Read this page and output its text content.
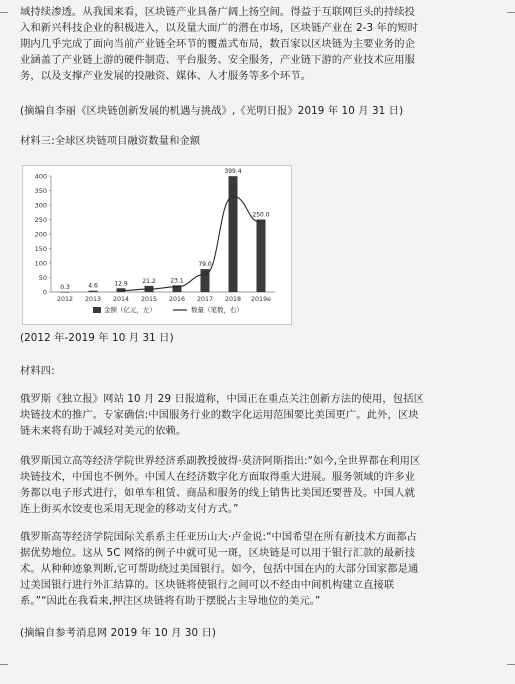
域持续渗透。从我国来看，区块链产业具备广阔上扬空间。得益于互联网巨头的持续投
入和新兴科技企业的积极进入，以及量大面广的潜在市场，区块链产业在 2-3 年的短时
期内几乎完成了面向当前产业链全环节的覆盖式布局，数百家以区块链为主要业务的企
业涵盖了产业链上游的硬件制造、平台服务、安全服务，产业链下游的产业技术应用服
务，以及支撑产业发展的投融资、媒体、人才服务等多个环节。
(摘编自李丽《区块链创新发展的机遇与挑战》,《光明日报》2019 年 10 月 31 日)
材料三:全球区块链项目融资数量和金额
0
50
100
150
200
250
300
350
400
0.3	4.6	12.9 21.2 23.1
79.0
399.4
250.0
2012 2013 2014 2015 2016 2017 2018 2019e
金额（亿元，左）	数量（笔数，右）
(2012 年-2019 年 10 月 31 日)
材料四:
俄罗斯《独立报》网站 10 月 29 日报道称，中国正在重点关注创新方法的使用，包括区
块链技术的推广。专家确信:中国服务行业的数字化运用范围要比美国更广。此外，区块
链未来将有助于减轻对美元的依赖。
俄罗斯国立高等经济学院世界经济系副教授彼得·莫济阿斯指出:“如今,全世界都在利用区
块链技术，中国也不例外。中国人在经济数字化方面取得重大进展。服务领域的许多业
务都以电子形式进行，如单车租赁、商品和服务的线上销售比美国还要普及。中国人就
连上街买水饺麦也采用无现金的移动支付方式。”
俄罗斯高等经济学院国际关系系主任亚历山大·卢金说:“中国希望在所有新技术方面都占
据优势地位。这从 5C 网络的例子中就可见一斑，区块链是可以用于银行汇款的最新技
术。从种种迹象判断,它可帮助绕过美国银行。如今，包括中国在内的大部分国家都是通
过美国银行进行外汇结算的。区块链将使银行之间可以不经由中间机构建立直接联
系。”“因此在我看来,押注区块链将有助于摆脱占主导地位的美元。”
(摘编自参考消息网 2019 年 10 月 30 日)
